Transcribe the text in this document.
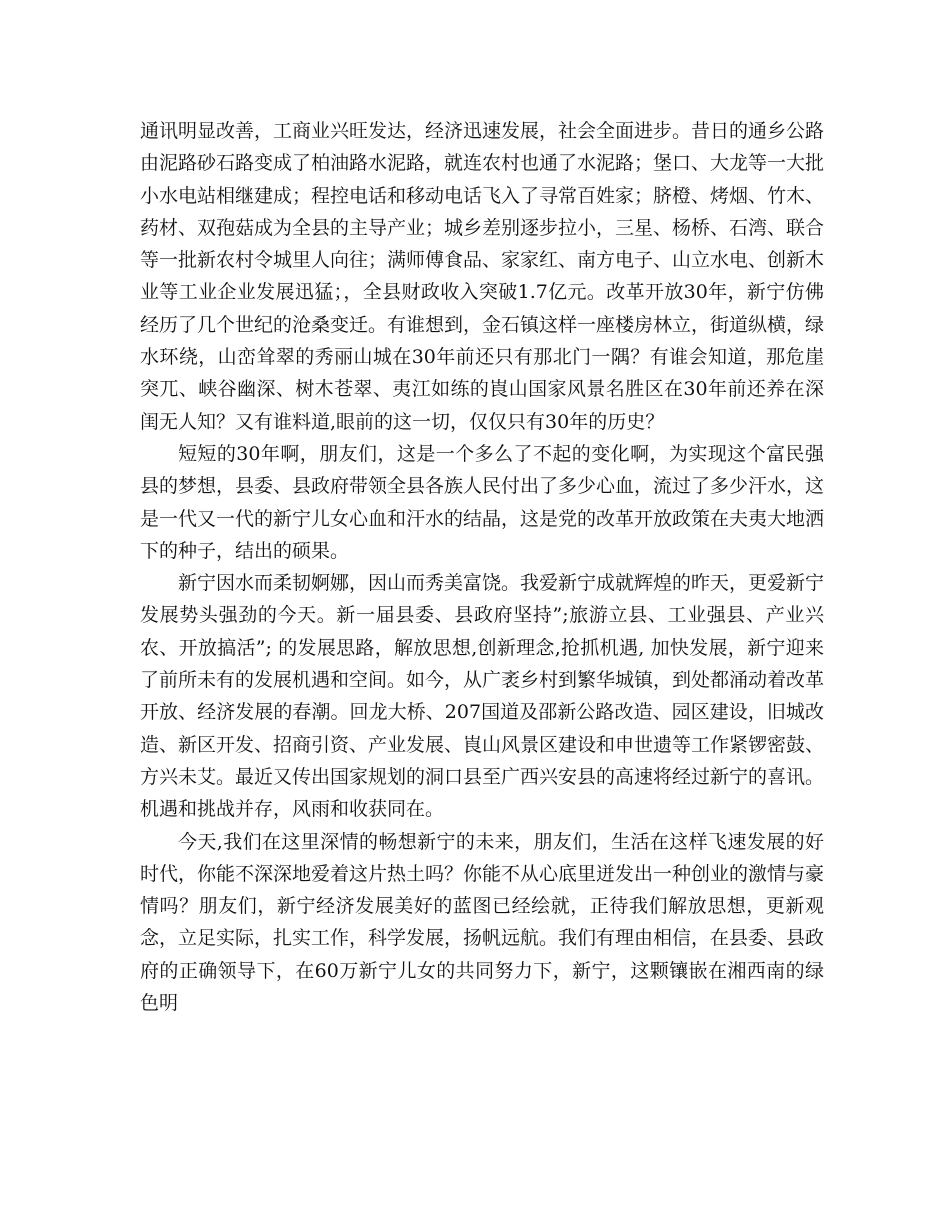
通讯明显改善，工商业兴旺发达，经济迅速发展，社会全面进步。昔日的通乡公路由泥路砂石路变成了柏油路水泥路，就连农村也通了水泥路；堡口、大龙等一大批小水电站相继建成；程控电话和移动电话飞入了寻常百姓家；脐橙、烤烟、竹木、药材、双孢菇成为全县的主导产业；城乡差别逐步拉小，三星、杨桥、石湾、联合等一批新农村令城里人向往；满师傅食品、家家红、南方电子、山立水电、创新木业等工业企业发展迅猛；，全县财政收入突破1.7亿元。改革开放30年，新宁仿佛经历了几个世纪的沧桑变迁。有谁想到，金石镇这样一座楼房林立，街道纵横，绿水环绕，山峦耸翠的秀丽山城在30年前还只有那北门一隅？有谁会知道，那危崖突兀、峡谷幽深、树木苍翠、夷江如练的崀山国家风景名胜区在30年前还养在深闺无人知？又有谁料道,眼前的这一切，仅仅只有30年的历史？

短短的30年啊，朋友们，这是一个多么了不起的变化啊，为实现这个富民强县的梦想，县委、县政府带领全县各族人民付出了多少心血，流过了多少汗水，这是一代又一代的新宁儿女心血和汗水的结晶，这是党的改革开放政策在夫夷大地洒下的种子，结出的硕果。

新宁因水而柔韧婀娜，因山而秀美富饶。我爱新宁成就辉煌的昨天，更爱新宁发展势头强劲的今天。新一届县委、县政府坚持”;旅游立县、工业强县、产业兴农、开放搞活”; 的发展思路，解放思想,创新理念,抢抓机遇, 加快发展，新宁迎来了前所未有的发展机遇和空间。如今，从广袤乡村到繁华城镇，到处都涌动着改革开放、经济发展的春潮。回龙大桥、207国道及邵新公路改造、园区建设，旧城改造、新区开发、招商引资、产业发展、崀山风景区建设和申世遗等工作紧锣密鼓、方兴未艾。最近又传出国家规划的洞口县至广西兴安县的高速将经过新宁的喜讯。机遇和挑战并存，风雨和收获同在。

今天,我们在这里深情的畅想新宁的未来，朋友们，生活在这样飞速发展的好时代，你能不深深地爱着这片热土吗？你能不从心底里迸发出一种创业的激情与豪情吗？朋友们，新宁经济发展美好的蓝图已经绘就，正待我们解放思想，更新观念，立足实际，扎实工作，科学发展，扬帆远航。我们有理由相信，在县委、县政府的正确领导下，在60万新宁儿女的共同努力下，新宁，这颗镶嵌在湘西南的绿色明
